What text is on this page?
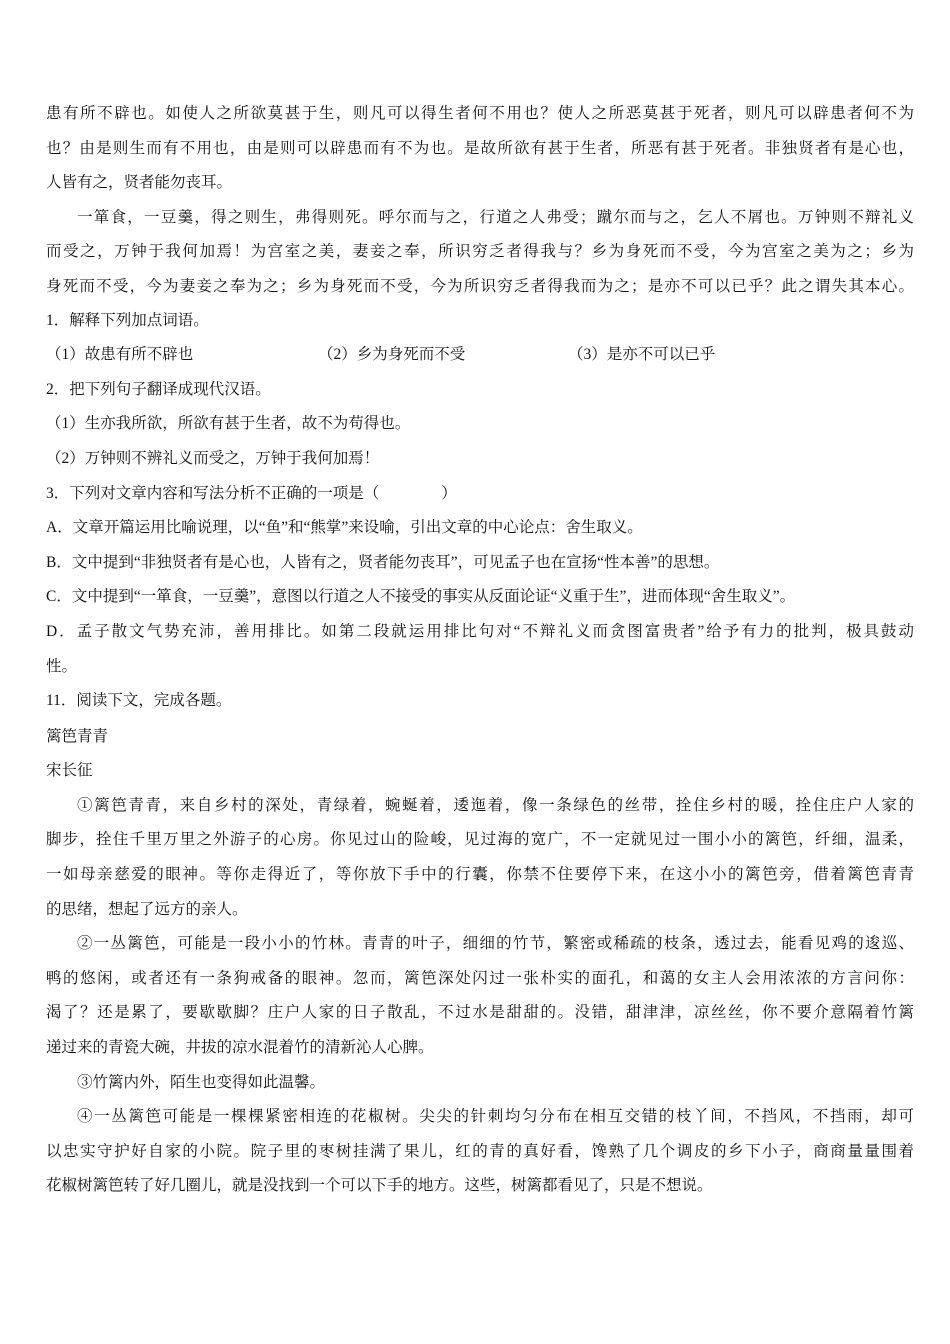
患有所不辟也。如使人之所欲莫甚于生，则凡可以得生者何不用也？使人之所恶莫甚于死者，则凡可以辟患者何不为
也？由是则生而有不用也，由是则可以辟患而有不为也。是故所欲有甚于生者，所恶有甚于死者。非独贤者有是心也，
人皆有之，贤者能勿丧耳。
一箪食，一豆羹，得之则生，弗得则死。呼尔而与之，行道之人弗受；蹴尔而与之，乞人不屑也。万钟则不辩礼义
而受之，万钟于我何加焉！为宫室之美，妻妾之奉，所识穷乏者得我与？乡为身死而不受，今为宫室之美为之；乡为
身死而不受，今为妻妾之奉为之；乡为身死而不受，今为所识穷乏者得我而为之；是亦不可以已乎？此之谓失其本心。
1．解释下列加点词语。
（1）故患有所不辟也	（2）乡为身死而不受	（3）是亦不可以已乎
2．把下列句子翻译成现代汉语。
（1）生亦我所欲，所欲有甚于生者，故不为苟得也。
（2）万钟则不辨礼义而受之，万钟于我何加焉！
3．下列对文章内容和写法分析不正确的一项是（　　　　）
A．文章开篇运用比喻说理，以“鱼”和“熊掌”来设喻，引出文章的中心论点：舍生取义。
B．文中提到“非独贤者有是心也，人皆有之，贤者能勿丧耳”，可见孟子也在宣扬“性本善”的思想。
C．文中提到“一箪食，一豆羹”，意图以行道之人不接受的事实从反面论证“义重于生”，进而体现“舍生取义”。
D．孟子散文气势充沛，善用排比。如第二段就运用排比句对“不辩礼义而贪图富贵者”给予有力的批判，极具鼓动
性。
11．阅读下文，完成各题。
篱笆青青
宋长征
①篱笆青青，来自乡村的深处，青绿着，蜿蜒着，逶迤着，像一条绿色的丝带，拴住乡村的暖，拴住庄户人家的
脚步，拴住千里万里之外游子的心房。你见过山的险峻，见过海的宽广，不一定就见过一围小小的篱笆，纤细，温柔，
一如母亲慈爱的眼神。等你走得近了，等你放下手中的行囊，你禁不住要停下来，在这小小的篱笆旁，借着篱笆青青
的思绪，想起了远方的亲人。
②一丛篱笆，可能是一段小小的竹林。青青的叶子，细细的竹节，繁密或稀疏的枝条，透过去，能看见鸡的逡巡、
鸭的悠闲，或者还有一条狗戒备的眼神。忽而，篱笆深处闪过一张朴实的面孔，和蔼的女主人会用浓浓的方言问你：
渴了？还是累了，要歇歇脚？庄户人家的日子散乱，不过水是甜甜的。没错，甜津津，凉丝丝，你不要介意隔着竹篱
递过来的青瓷大碗，井拔的凉水混着竹的清新沁人心脾。
③竹篱内外，陌生也变得如此温馨。
④一丛篱笆可能是一棵棵紧密相连的花椒树。尖尖的针刺均匀分布在相互交错的枝丫间，不挡风，不挡雨，却可
以忠实守护好自家的小院。院子里的枣树挂满了果儿，红的青的真好看，馋熟了几个调皮的乡下小子，商商量量围着
花椒树篱笆转了好几圈儿，就是没找到一个可以下手的地方。这些，树篱都看见了，只是不想说。
